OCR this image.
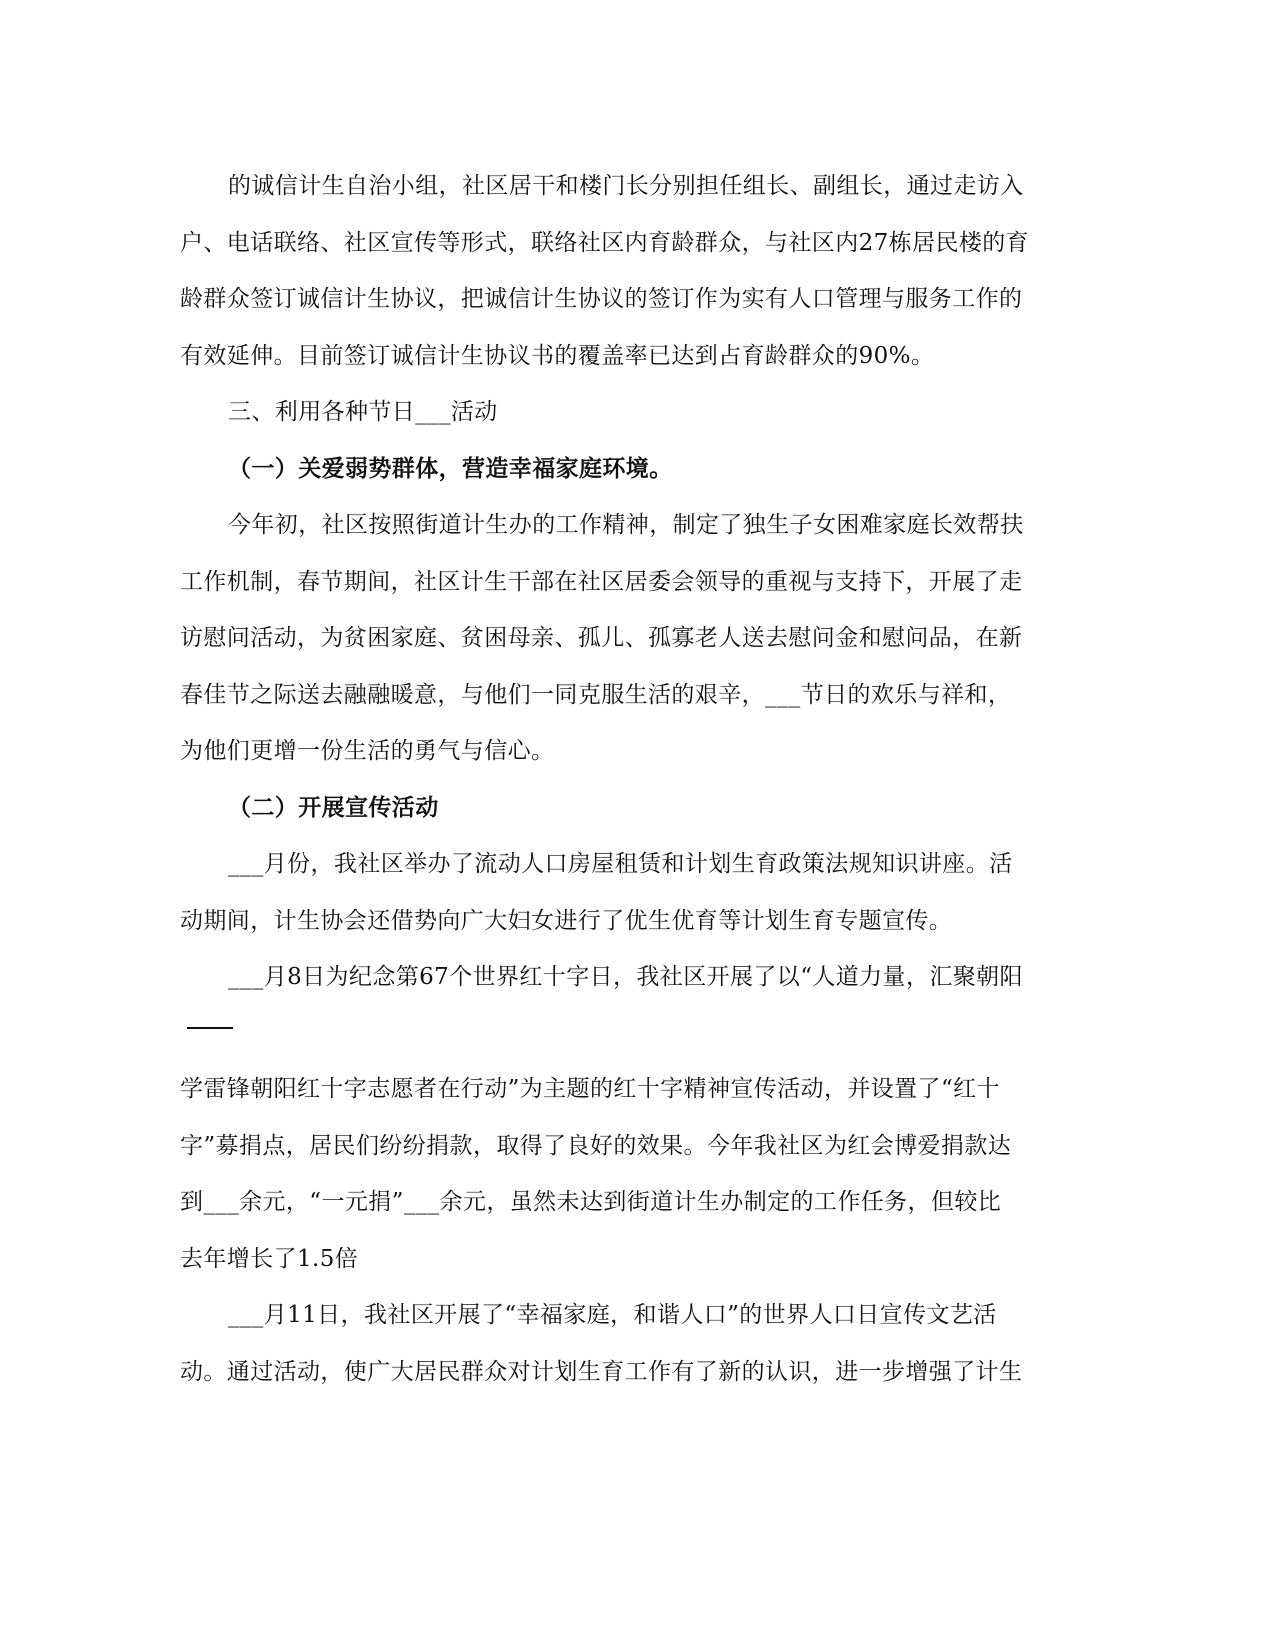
的诚信计生自治小组，社区居干和楼门长分别担任组长、副组长，通过走访入
户、电话联络、社区宣传等形式，联络社区内育龄群众，与社区内27栋居民楼的育
龄群众签订诚信计生协议，把诚信计生协议的签订作为实有人口管理与服务工作的
有效延伸。目前签订诚信计生协议书的覆盖率已达到占育龄群众的90%。
三、利用各种节日___活动
（一）关爱弱势群体，营造幸福家庭环境。
今年初，社区按照街道计生办的工作精神，制定了独生子女困难家庭长效帮扶
工作机制，春节期间，社区计生干部在社区居委会领导的重视与支持下，开展了走
访慰问活动，为贫困家庭、贫困母亲、孤儿、孤寡老人送去慰问金和慰问品，在新
春佳节之际送去融融暖意，与他们一同克服生活的艰辛，___节日的欢乐与祥和，
为他们更增一份生活的勇气与信心。
（二）开展宣传活动
___月份，我社区举办了流动人口房屋租赁和计划生育政策法规知识讲座。活
动期间，计生协会还借势向广大妇女进行了优生优育等计划生育专题宣传。
___月8日为纪念第67个世界红十字日，我社区开展了以“人道力量，汇聚朝阳
学雷锋朝阳红十字志愿者在行动”为主题的红十字精神宣传活动，并设置了“红十
字”募捐点，居民们纷纷捐款，取得了良好的效果。今年我社区为红会博爱捐款达
到___余元，“一元捐”___余元，虽然未达到街道计生办制定的工作任务，但较比
去年增长了1.5倍
___月11日，我社区开展了“幸福家庭，和谐人口”的世界人口日宣传文艺活
动。通过活动，使广大居民群众对计划生育工作有了新的认识，进一步增强了计生
